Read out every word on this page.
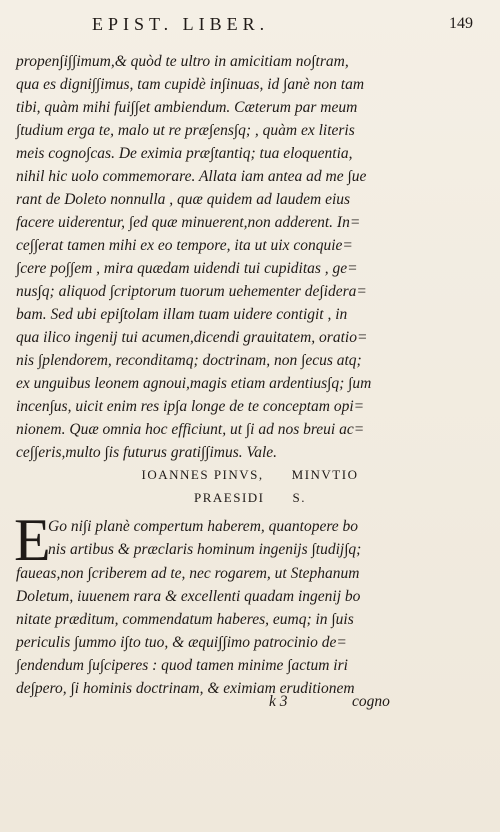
EPIST. LIBER.	149
propen∫i∫∫imum,& quòd te ultro in amicitiam no∫tram,
qua es digni∫∫imus, tam cupidè in∫inuas, id ∫anè non tam
tibi, quàm mihi fui∫∫et ambiendum. Cæterum par meum
∫tudium erga te, malo ut re præ∫ens∫q; , quàm ex literis
meis cogno∫cas. De eximia præ∫tantiq; tua eloquentia,
nihil hic uolo commemorare. Allata iam antea ad me ∫ue
rant de Doleto nonnulla , quæ quidem ad laudem eius
facere uiderentur, ∫ed quæ minuerent,non adderent. In=
ce∫∫erat tamen mihi ex eo tempore, ita ut uix conquie=
∫cere po∫∫em , mira quædam uidendi tui cupiditas , ge=
nus∫q; aliquod ∫criptorum tuorum uehementer de∫idera=
bam. Sed ubi epi∫tolam illam tuam uidere contigit , in
qua ilico ingenij tui acumen,dicendi grauitatem, oratio=
nis ∫plendorem, reconditamq; doctrinam, non ∫ecus atq;
ex unguibus leonem agnoui,magis etiam ardentius∫q; ∫um
incen∫us, uicit enim res ip∫a longe de te conceptam opi=
nionem. Quæ omnia hoc efficiunt, ut ∫i ad nos breui ac=
ce∫∫eris,multo ∫is futurus grati∫∫imus. Vale.
IOANNES PINVS, MINVTIO
PRAESIDI S.
E
Go ni∫i planè compertum haberem, quantopere bo
nis artibus & præclaris hominum ingenijs ∫tudij∫q;
faueas,non ∫criberem ad te, nec rogarem, ut Stephanum
Doletum, iuuenem rara & excellenti quadam ingenij bo
nitate præditum, commendatum haberes, eumq; in ∫uis
periculis ∫ummo i∫to tuo, & æqui∫∫imo patrocinio de=
∫endendum ∫u∫ciperes : quod tamen minime ∫actum iri
de∫pero, ∫i hominis doctrinam, & eximiam eruditionem
k 3	cogno
